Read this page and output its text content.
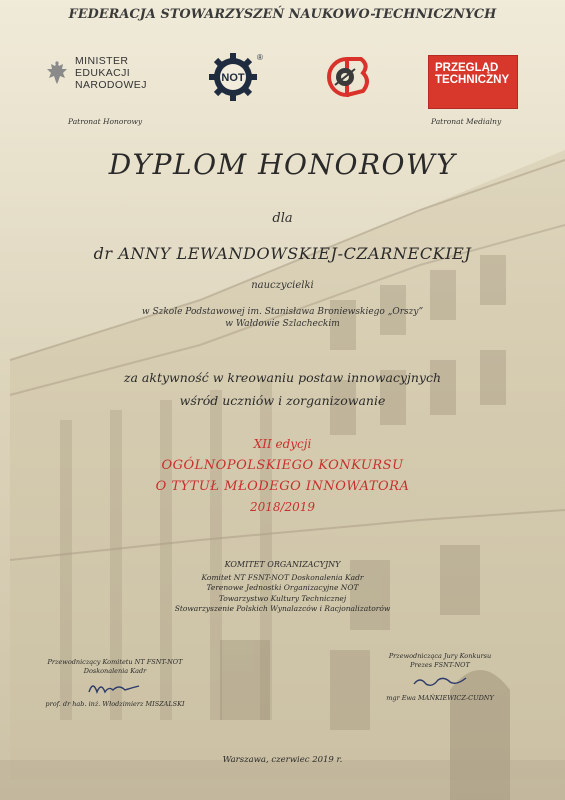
FEDERACJA STOWARZYSZEŃ NAUKOWO-TECHNICZNYCH
MINISTER
EDUKACJI
NARODOWEJ
Patronat Honorowy
NOT
®
PRZEGLĄD
TECHNICZNY
Patronat Medialny
DYPLOM HONOROWY
dla
dr ANNY LEWANDOWSKIEJ-CZARNECKIEJ
nauczycielki
w Szkole Podstawowej im. Stanisława Broniewskiego „Orszy”
w Wałdowie Szlacheckim
za aktywność w kreowaniu postaw innowacyjnych
wśród uczniów i zorganizowanie
XII edycji
OGÓLNOPOLSKIEGO KONKURSU
O TYTUŁ MŁODEGO INNOWATORA
2018/2019
KOMITET ORGANIZACYJNY
Komitet NT FSNT-NOT Doskonalenia Kadr
Terenowe Jednostki Organizacyjne NOT
Towarzystwo Kultury Technicznej
Stowarzyszenie Polskich Wynalazców i Racjonalizatorów
Przewodniczący Komitetu NT FSNT-NOT
Doskonalenia Kadr
prof. dr hab. inż. Włodzimierz MISZALSKI
Przewodnicząca Jury Konkursu
Prezes FSNT-NOT
mgr Ewa MAŃKIEWICZ-CUDNY
Warszawa, czerwiec 2019 r.
